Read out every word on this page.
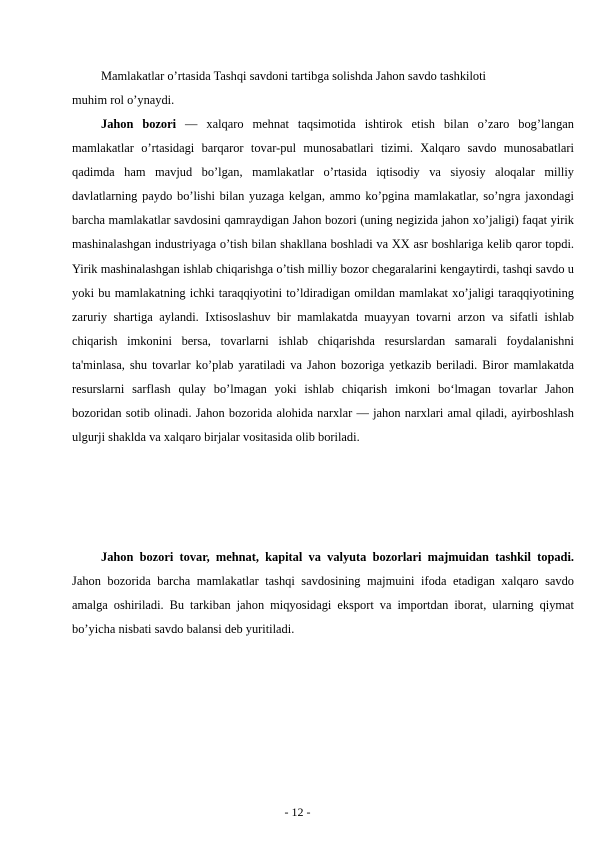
Mamlakatlar o’rtasida Tashqi savdoni tartibga solishda Jahon savdo tashkiloti
muhim rol o’ynaydi.

Jahon bozori — xalqaro mehnat taqsimotida ishtirok etish bilan o’zaro bog’langan mamlakatlar o’rtasidagi barqaror tovar-pul munosabatlari tizimi. Xalqaro savdo munosabatlari qadimda ham mavjud bo’lgan, mamlakatlar o’rtasida iqtisodiy va siyosiy aloqalar milliy davlatlarning paydo bo’lishi bilan yuzaga kelgan, ammo ko’pgina mamlakatlar, so’ngra jaxondagi barcha mamlakatlar savdosini qamraydigan Jahon bozori (uning negizida jahon xo’jaligi) faqat yirik mashinalashgan industriyaga o’tish bilan shakllana boshladi va XX asr boshlariga kelib qaror topdi. Yirik mashinalashgan ishlab chiqarishga o’tish milliy bozor chegaralarini kengaytirdi, tashqi savdo u yoki bu mamlakatning ichki taraqqiyotini to’ldiradigan omildan mamlakat xo’jaligi taraqqiyotining zaruriy shartiga aylandi. Ixtisoslashuv bir mamlakatda muayyan tovarni arzon va sifatli ishlab chiqarish imkonini bersa, tovarlarni ishlab chiqarishda resurslardan samarali foydalanishni ta'minlasa, shu tovarlar ko’plab yaratiladi va Jahon bozoriga yetkazib beriladi. Biror mamlakatda resurslarni sarflash qulay bo’lmagan yoki ishlab chiqarish imkoni bo‘lmagan tovarlar Jahon bozoridan sotib olinadi. Jahon bozorida alohida narxlar — jahon narxlari amal qiladi, ayirboshlash ulgurji shaklda va xalqaro birjalar vositasida olib boriladi.

Jahon bozori tovar, mehnat, kapital va valyuta bozorlari majmuidan tashkil topadi. Jahon bozorida barcha mamlakatlar tashqi savdosining majmuini ifoda etadigan xalqaro savdo amalga oshiriladi. Bu tarkiban jahon miqyosidagi eksport va importdan iborat, ularning qiymat bo’yicha nisbati savdo balansi deb yuritiladi.

- 12 -
